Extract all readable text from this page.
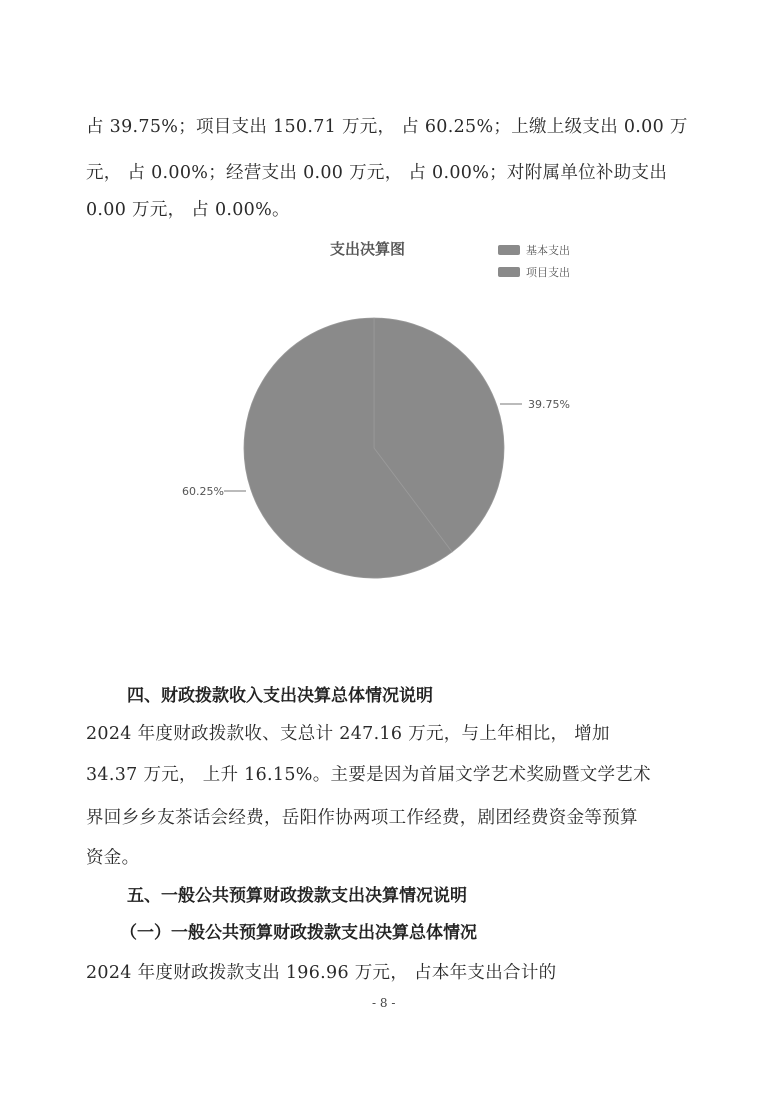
占 39.75%；项目支出 150.71 万元， 占 60.25%；上缴上级支出 0.00 万
元， 占 0.00%；经营支出 0.00 万元， 占 0.00%；对附属单位补助支出
0.00 万元， 占 0.00%。
支出决算图	基本支出
项目支出
39.75%
60.25%
四、财政拨款收入支出决算总体情况说明
2024 年度财政拨款收、支总计 247.16 万元，与上年相比， 增加
34.37 万元， 上升 16.15%。主要是因为首届文学艺术奖励暨文学艺术
界回乡乡友茶话会经费，岳阳作协两项工作经费，剧团经费资金等预算
资金。
五、一般公共预算财政拨款支出决算情况说明
（一）一般公共预算财政拨款支出决算总体情况
2024 年度财政拨款支出 196.96 万元， 占本年支出合计的
- 8 -
